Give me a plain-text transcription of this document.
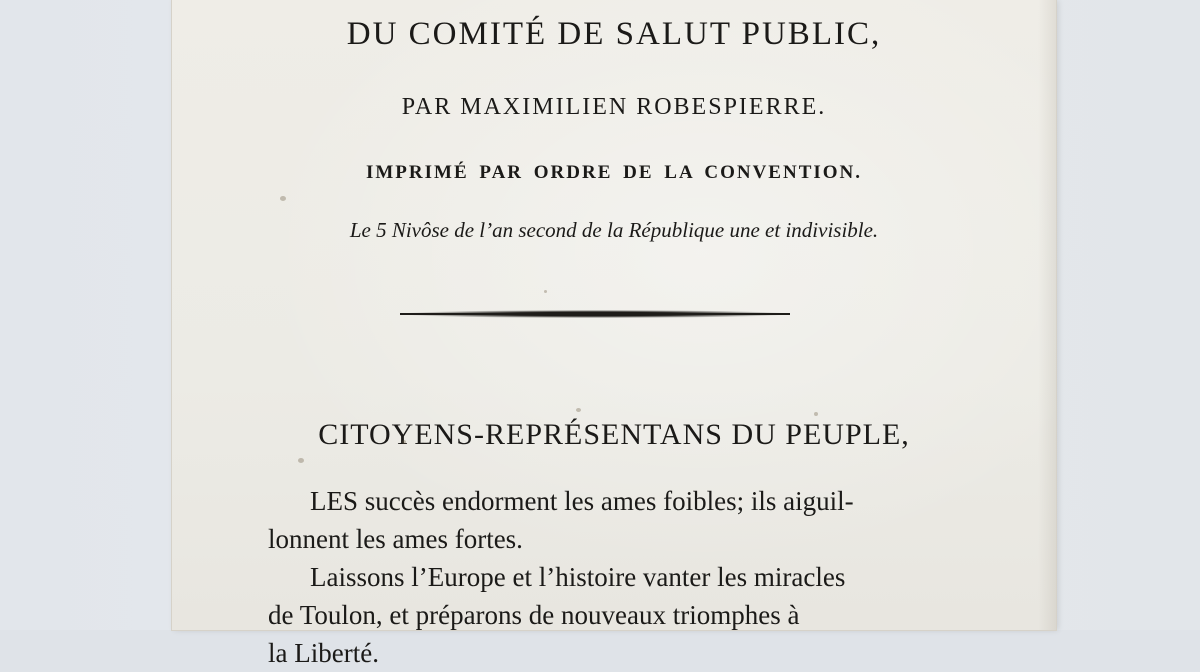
DU COMITÉ DE SALUT PUBLIC,
PAR MAXIMILIEN ROBESPIERRE.
IMPRIMÉ PAR ORDRE DE LA CONVENTION.
Le 5 Nivôse de l’an second de la République une et indivisible.
CITOYENS-REPRÉSENTANS DU PEUPLE,
LES succès endorment les ames foibles; ils aiguil-
lonnent les ames fortes.
Laissons l’Europe et l’histoire vanter les miracles
de Toulon, et préparons de nouveaux triomphes à
la Liberté.
